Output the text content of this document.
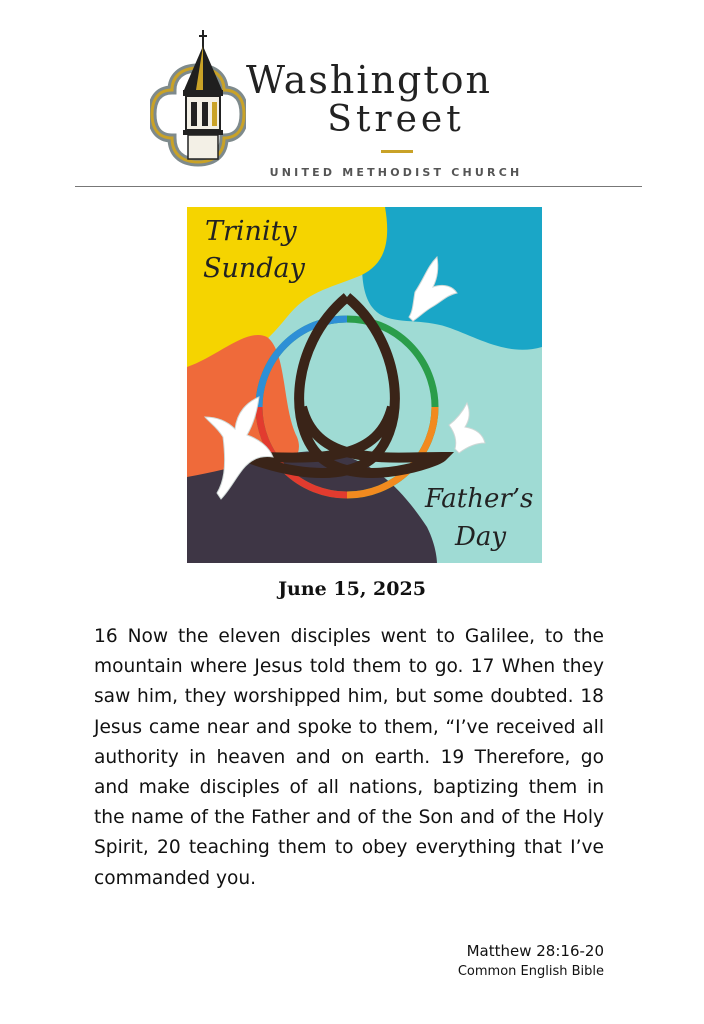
Washington
Street
UNITED METHODIST CHURCH
Trinity
Sunday
Father’s
Day
June 15, 2025

16 Now the eleven disciples went to Galilee, to the mountain where Jesus told them to go. 17 When they saw him, they worshipped him, but some doubted. 18 Jesus came near and spoke to them, “I’ve received all authority in heaven and on earth. 19 Therefore, go and make disciples of all nations, baptizing them in the name of the Father and of the Son and of the Holy Spirit, 20 teaching them to obey everything that I’ve commanded you.

Matthew 28:16-20
Common English Bible
